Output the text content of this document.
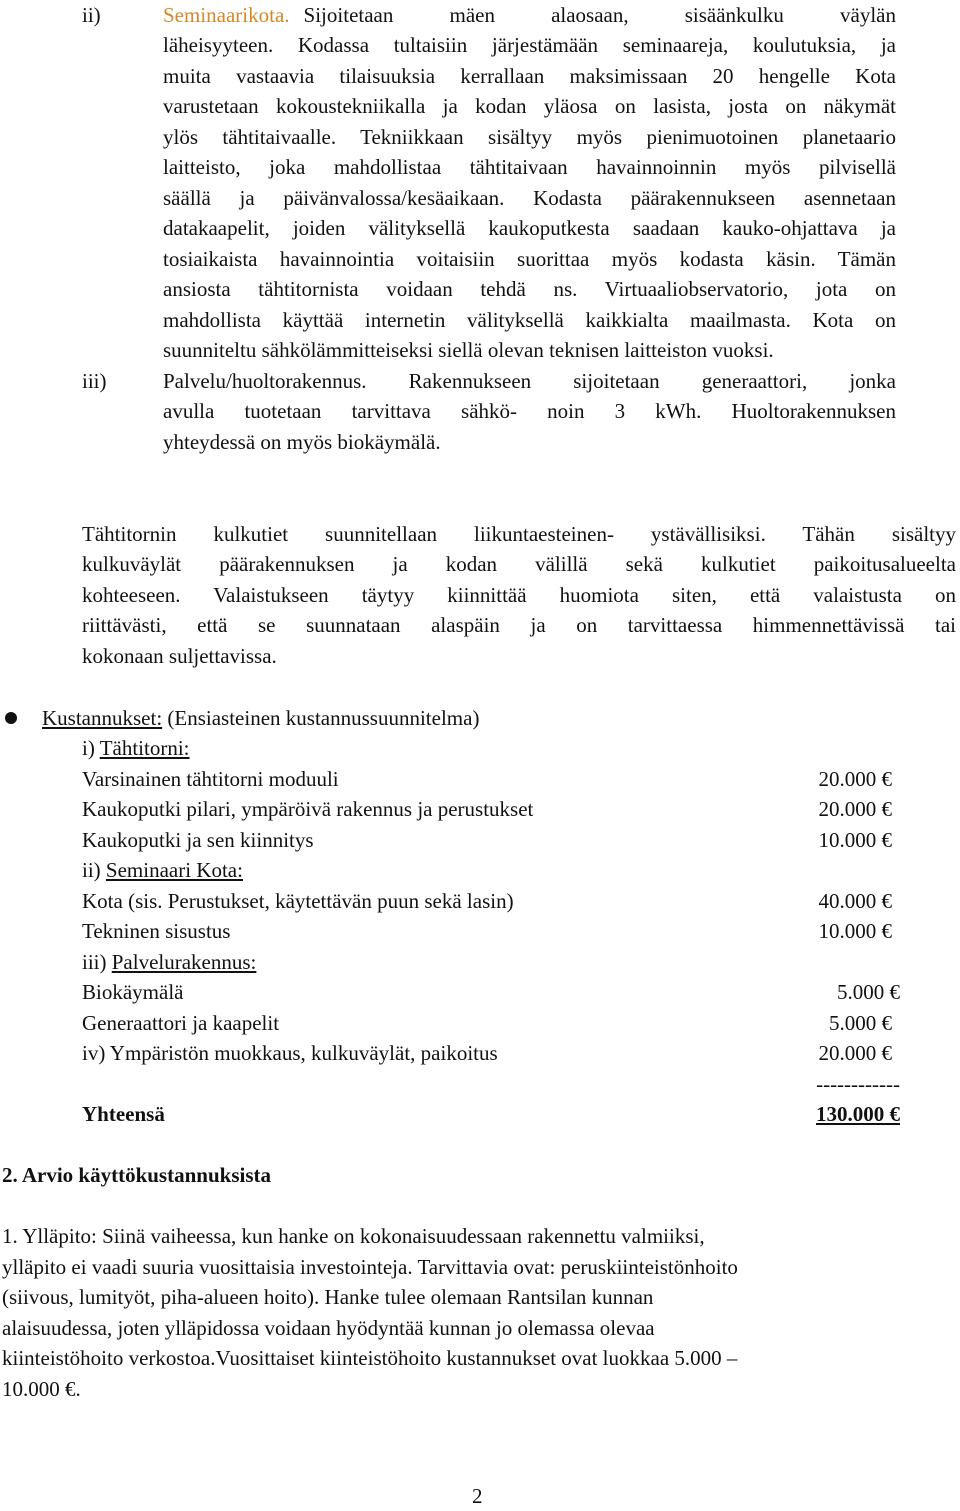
ii)	Seminaarikota. Sijoitetaan mäen alaosaan, sisäänkulku väylän
läheisyyteen. Kodassa tultaisiin järjestämään seminaareja, koulutuksia, ja
muita vastaavia tilaisuuksia kerrallaan maksimissaan 20 hengelle Kota
varustetaan kokoustekniikalla ja kodan yläosa on lasista, josta on näkymät
ylös tähtitaivaalle. Tekniikkaan sisältyy myös pienimuotoinen planetaario
laitteisto, joka mahdollistaa tähtitaivaan havainnoinnin myös pilvisellä
säällä ja päivänvalossa/kesäaikaan. Kodasta päärakennukseen asennetaan
datakaapelit, joiden välityksellä kaukoputkesta saadaan kauko-ohjattava ja
tosiaikaista havainnointia voitaisiin suorittaa myös kodasta käsin. Tämän
ansiosta tähtitornista voidaan tehdä ns. Virtuaaliobservatorio, jota on
mahdollista käyttää internetin välityksellä kaikkialta maailmasta. Kota on
suunniteltu sähkölämmitteiseksi siellä olevan teknisen laitteiston vuoksi.
iii)	Palvelu/huoltorakennus. Rakennukseen sijoitetaan generaattori, jonka
avulla tuotetaan tarvittava sähkö- noin 3 kWh. Huoltorakennuksen
yhteydessä on myös biokäymälä.
Tähtitornin kulkutiet suunnitellaan liikuntaesteinen- ystävällisiksi. Tähän sisältyy
kulkuväylät päärakennuksen ja kodan välillä sekä kulkutiet paikoitusalueelta
kohteeseen. Valaistukseen täytyy kiinnittää huomiota siten, että valaistusta on
riittävästi, että se suunnataan alaspäin ja on tarvittaessa himmennettävissä tai
kokonaan suljettavissa.
Kustannukset: (Ensiasteinen kustannussuunnitelma)
i) Tähtitorni:
Varsinainen tähtitorni moduuli	20.000 €
Kaukoputki pilari, ympäröivä rakennus ja perustukset	20.000 €
Kaukoputki ja sen kiinnitys	10.000 €
ii) Seminaari Kota:
Kota (sis. Perustukset, käytettävän puun sekä lasin)	40.000 €
Tekninen sisustus	10.000 €
iii) Palvelurakennus:
Biokäymälä	5.000 €
Generaattori ja kaapelit	5.000 €
iv) Ympäristön muokkaus, kulkuväylät, paikoitus	20.000 €
------------
Yhteensä	130.000 €
2. Arvio käyttökustannuksista
1. Ylläpito: Siinä vaiheessa, kun hanke on kokonaisuudessaan rakennettu valmiiksi,
ylläpito ei vaadi suuria vuosittaisia investointeja. Tarvittavia ovat: peruskiinteistönhoito
(siivous, lumityöt, piha-alueen hoito). Hanke tulee olemaan Rantsilan kunnan
alaisuudessa, joten ylläpidossa voidaan hyödyntää kunnan jo olemassa olevaa
kiinteistöhoito verkostoa.Vuosittaiset kiinteistöhoito kustannukset ovat luokkaa 5.000 –
10.000 €.
2
